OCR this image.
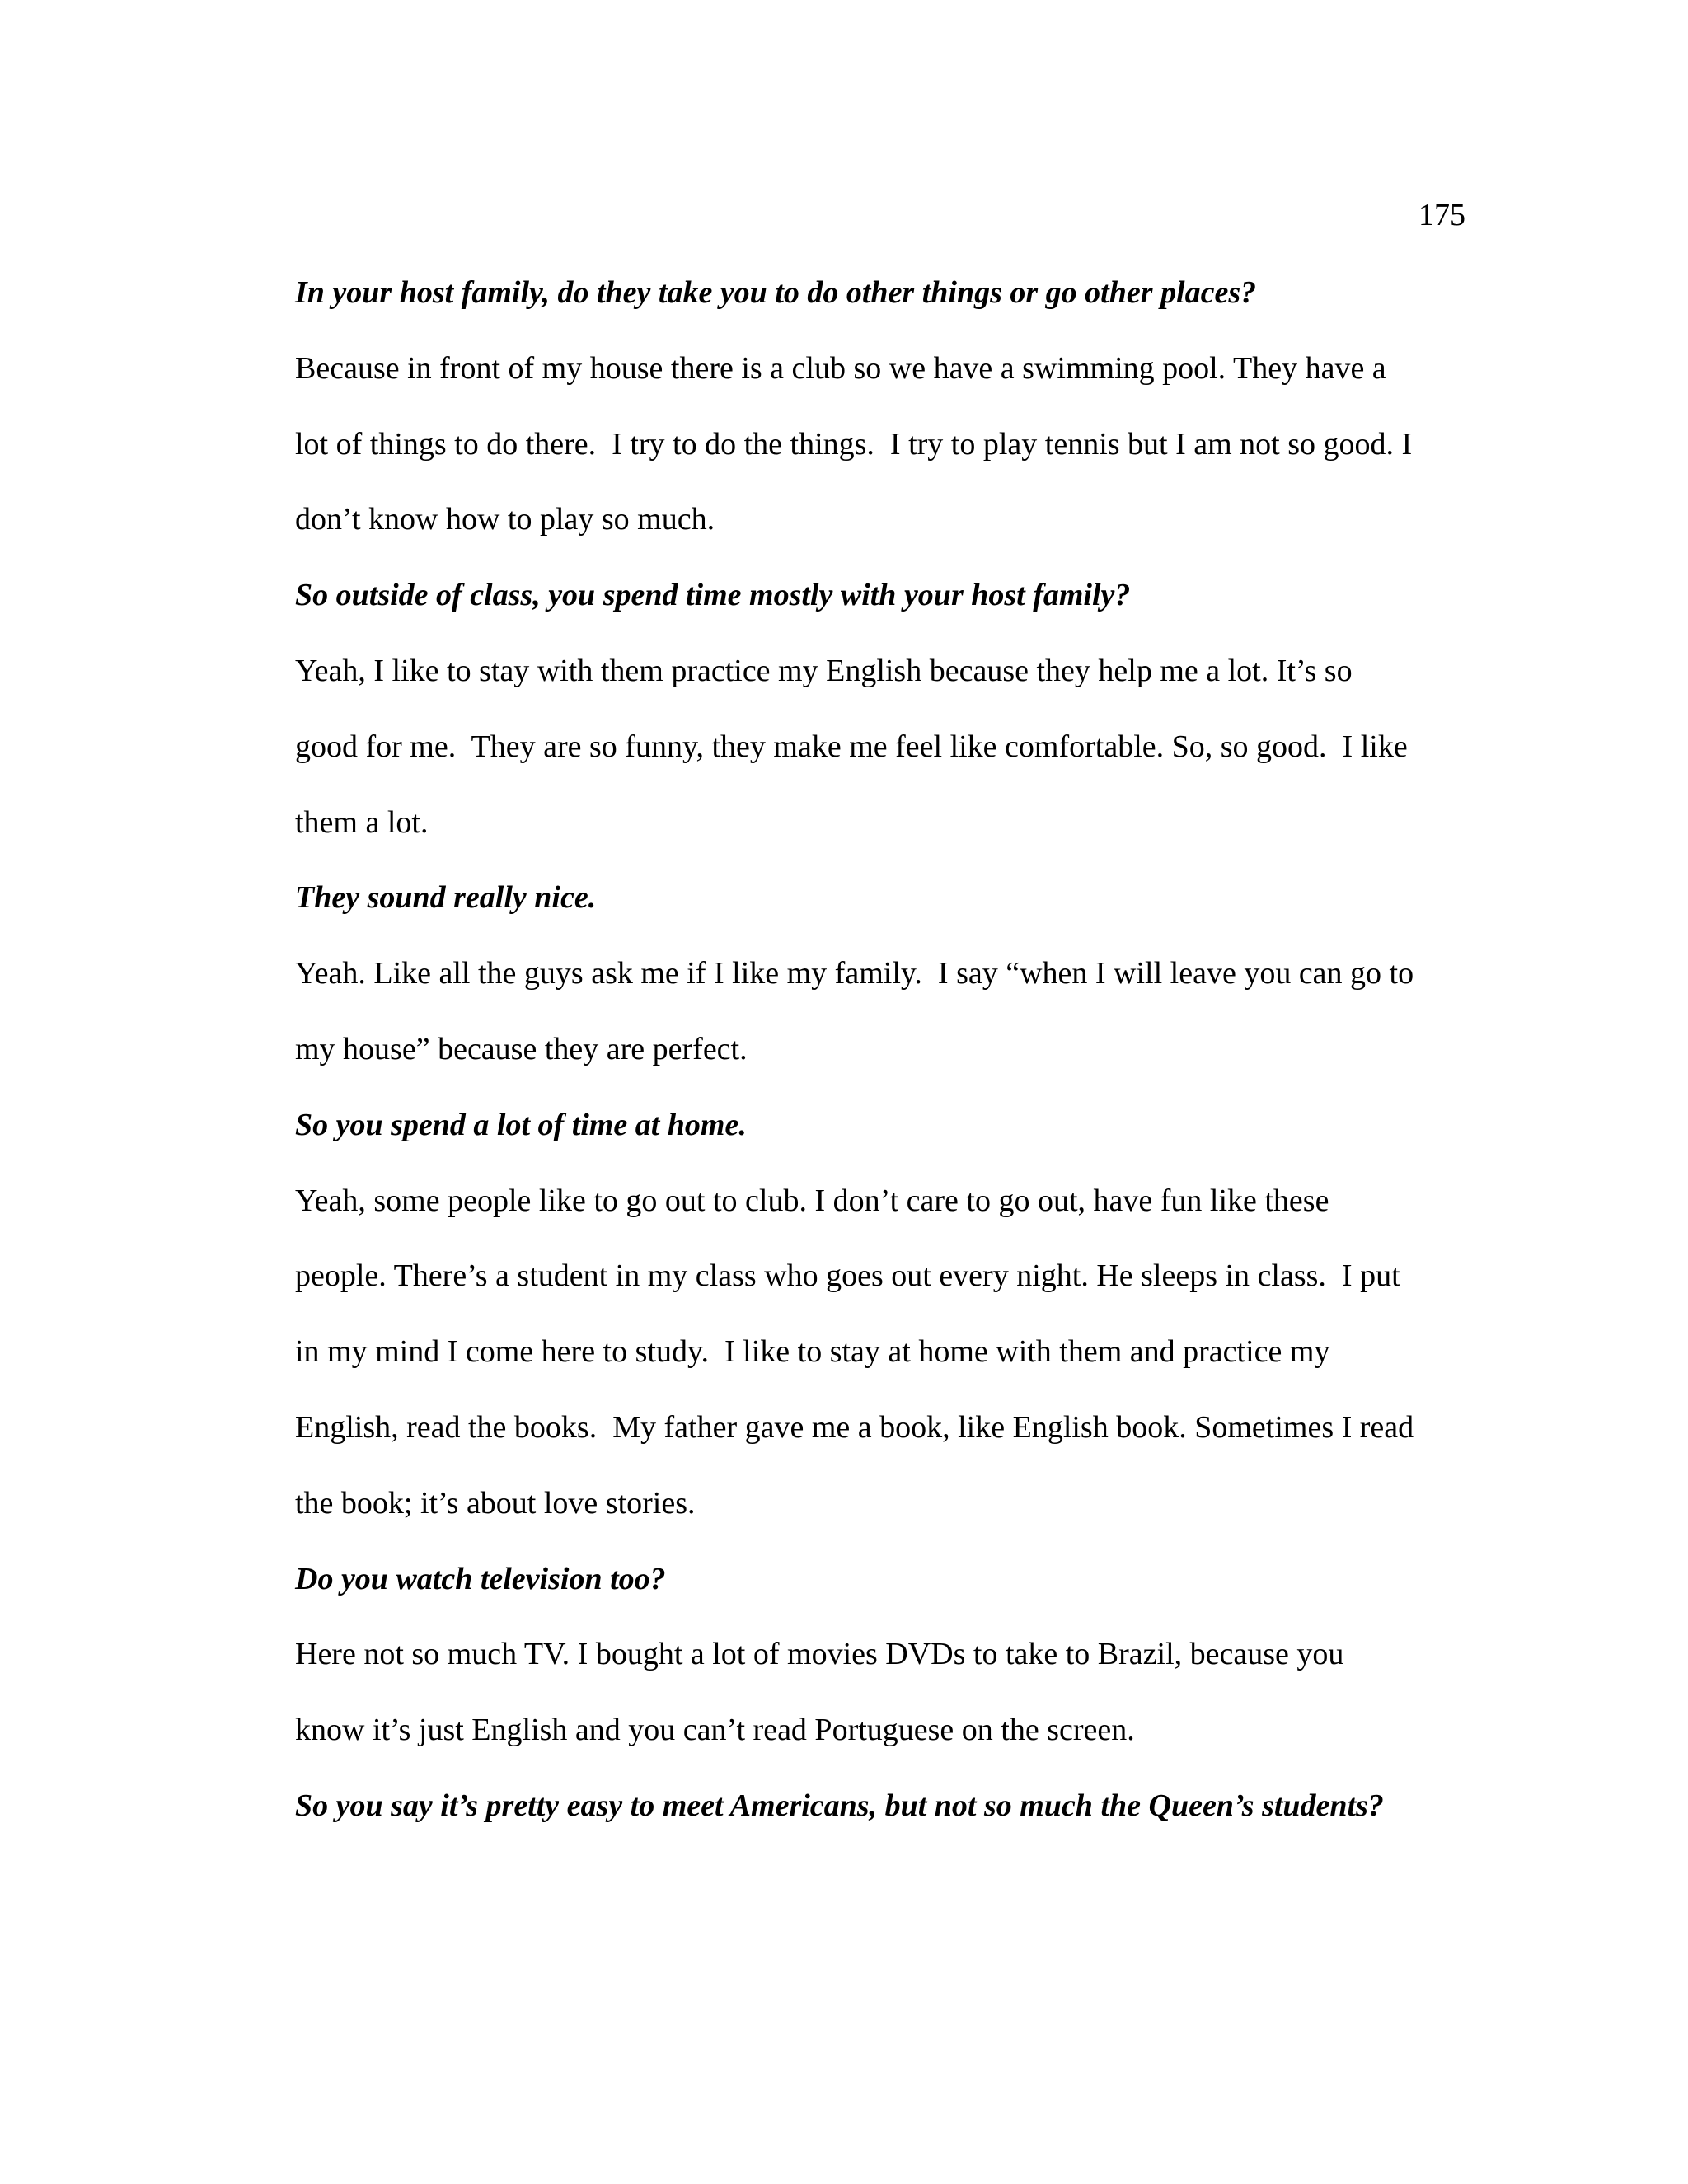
175
In your host family, do they take you to do other things or go other places?
Because in front of my house there is a club so we have a swimming pool. They have a
lot of things to do there.  I try to do the things.  I try to play tennis but I am not so good. I
don’t know how to play so much.
So outside of class, you spend time mostly with your host family?
Yeah, I like to stay with them practice my English because they help me a lot. It’s so
good for me.  They are so funny, they make me feel like comfortable. So, so good.  I like
them a lot.
They sound really nice.
Yeah. Like all the guys ask me if I like my family.  I say “when I will leave you can go to
my house” because they are perfect.
So you spend a lot of time at home.
Yeah, some people like to go out to club. I don’t care to go out, have fun like these
people. There’s a student in my class who goes out every night. He sleeps in class.  I put
in my mind I come here to study.  I like to stay at home with them and practice my
English, read the books.  My father gave me a book, like English book. Sometimes I read
the book; it’s about love stories.
Do you watch television too?
Here not so much TV. I bought a lot of movies DVDs to take to Brazil, because you
know it’s just English and you can’t read Portuguese on the screen.
So you say it’s pretty easy to meet Americans, but not so much the Queen’s students?
